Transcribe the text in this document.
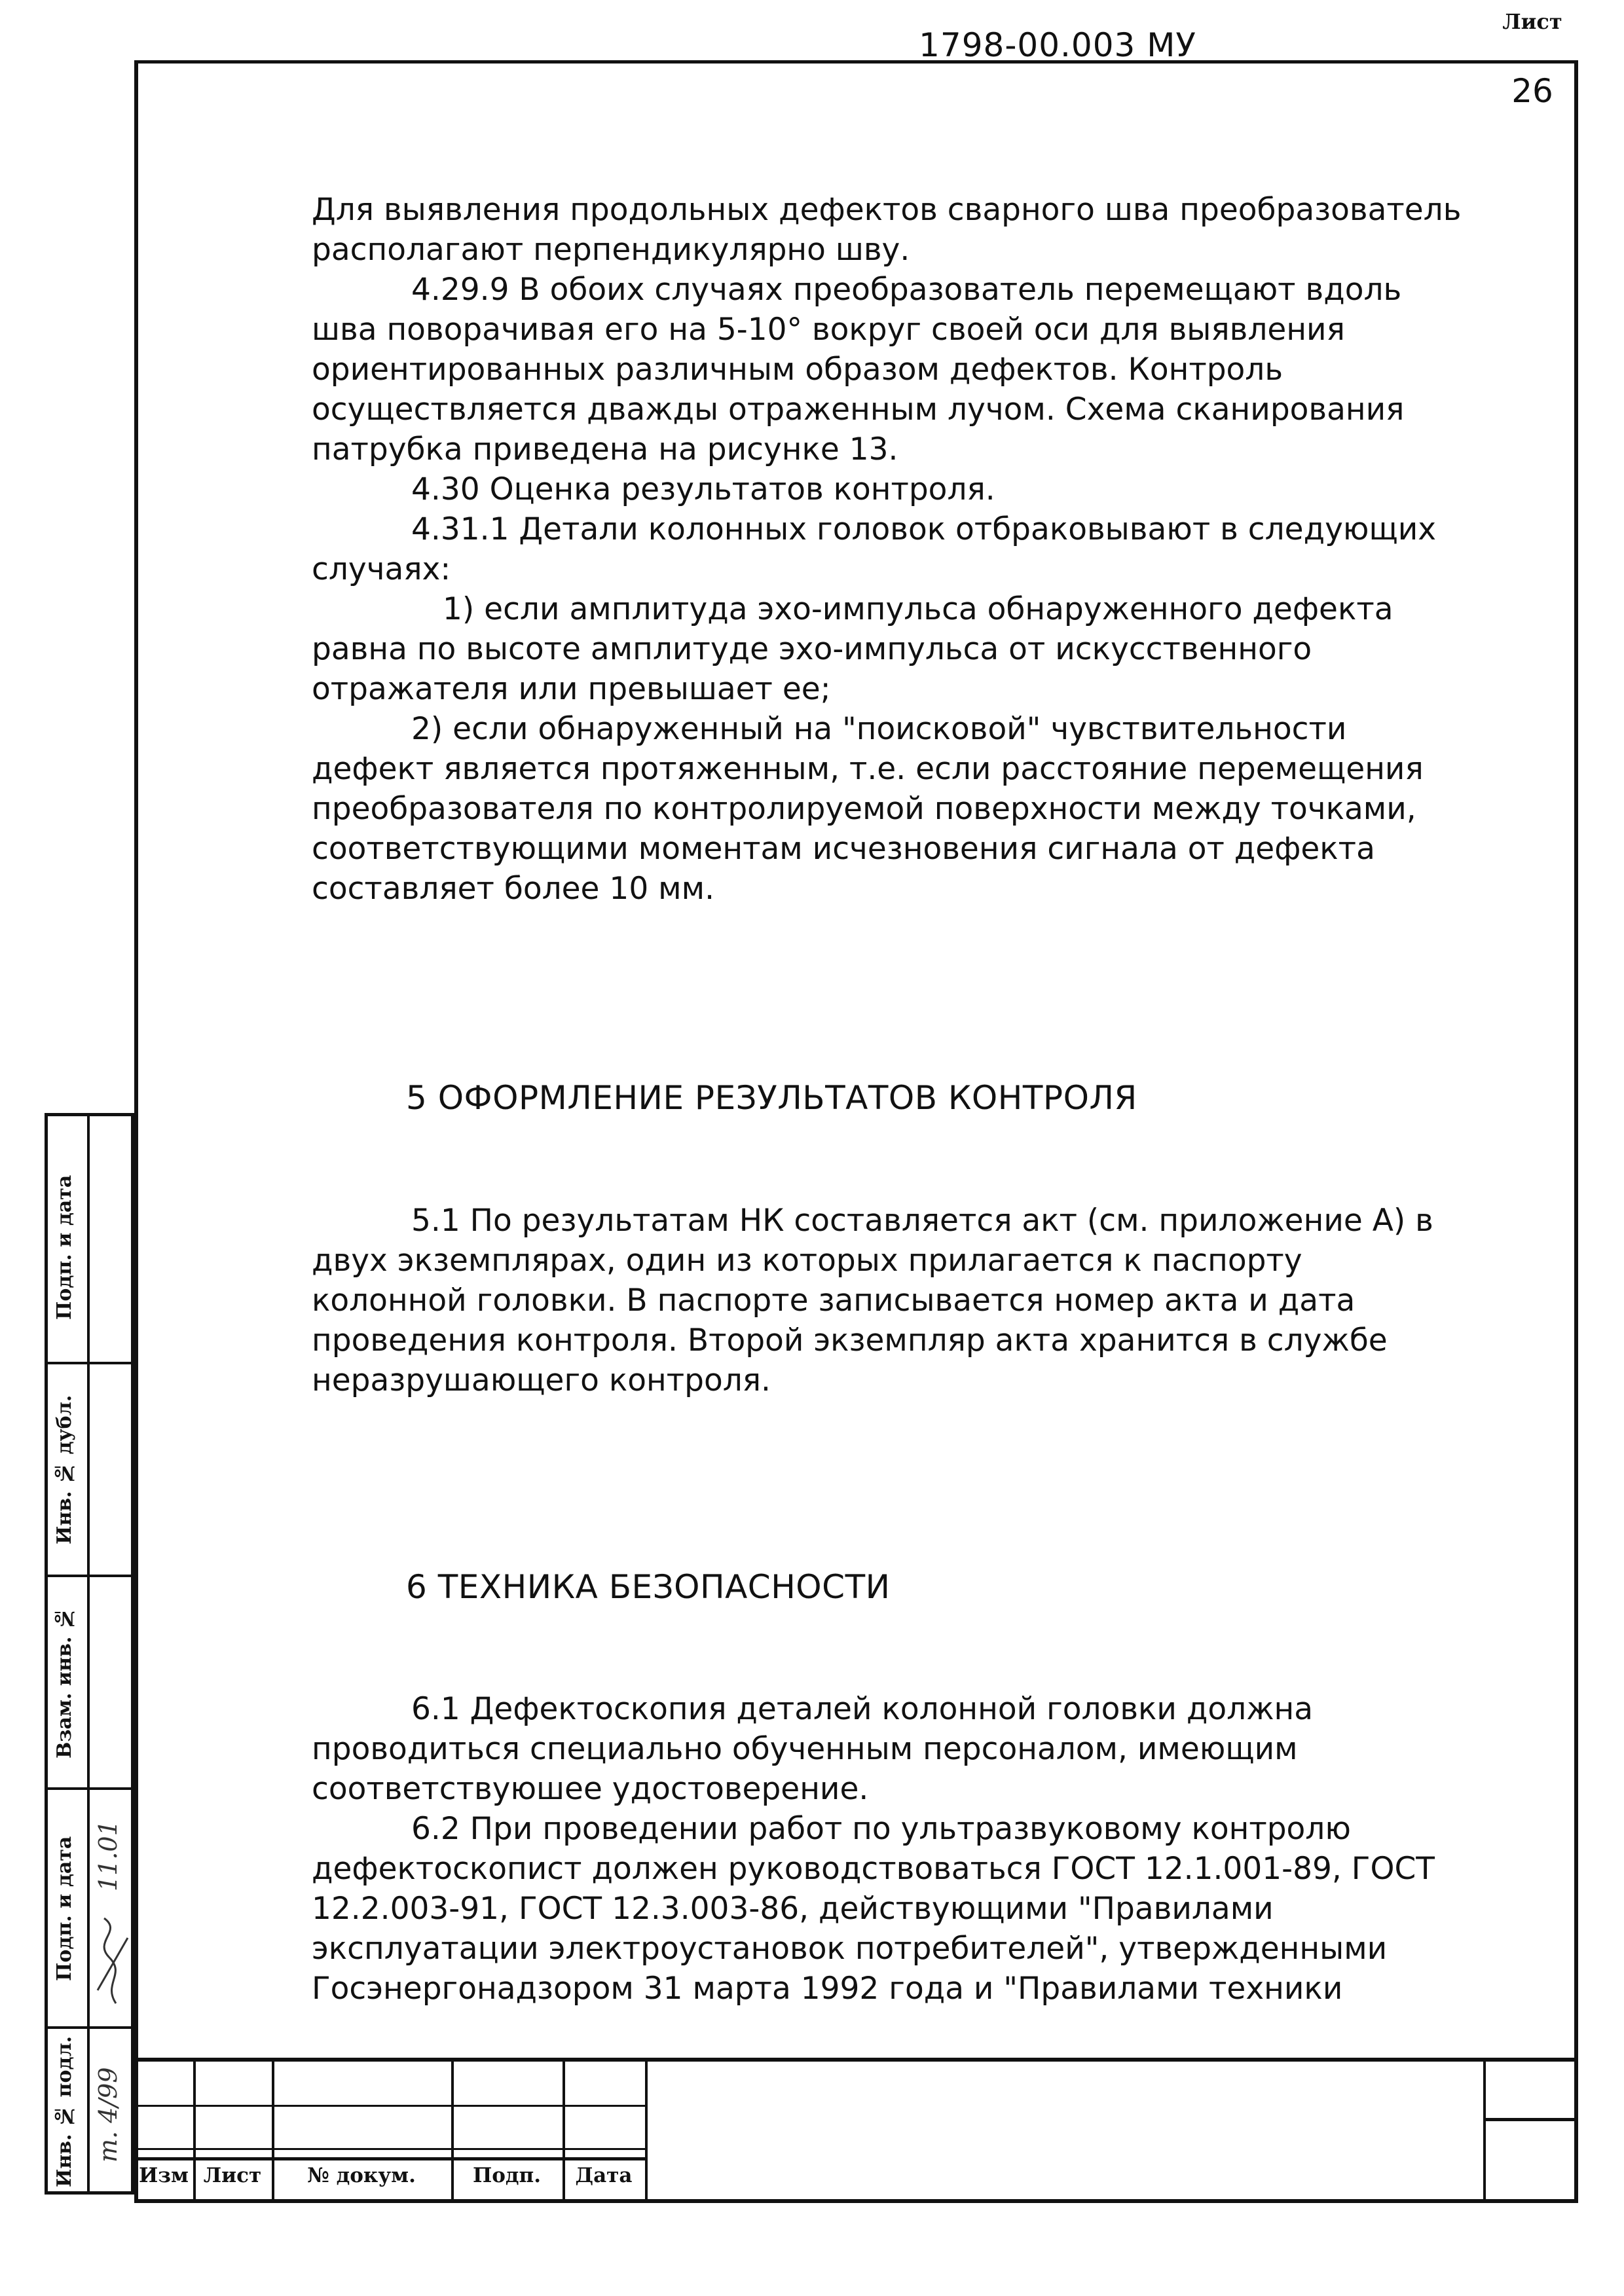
Для выявления продольных дефектов сварного шва преобразователь располагают перпендикулярно шву.

4.29.9 В обоих случаях преобразователь перемещают вдоль шва поворачивая его на 5-10° вокруг своей оси для выявления ориентированных различным образом дефектов. Контроль осуществляется дважды отраженным лучом. Схема сканирования патрубка приведена на рисунке 13.

4.30 Оценка результатов контроля.

4.31.1 Детали колонных головок отбраковывают в следующих случаях:

1) если амплитуда эхо-импульса обнаруженного дефекта равна по высоте амплитуде эхо-импульса от искусственного отражателя или превышает ее;

2) если обнаруженный на "поисковой" чувствительности дефект является протяженным, т.е. если расстояние перемещения преобразователя по контролируемой поверхности между точками, соответствующими моментам исчезновения сигнала от дефекта составляет более 10 мм.

5 ОФОРМЛЕНИЕ РЕЗУЛЬТАТОВ КОНТРОЛЯ

5.1 По результатам НК составляется акт (см. приложение А) в двух экземплярах, один из которых прилагается к паспорту колонной головки. В паспорте записывается номер акта и дата проведения контроля. Второй экземпляр акта хранится в службе неразрушающего контроля.

6 ТЕХНИКА БЕЗОПАСНОСТИ

6.1 Дефектоскопия деталей колонной головки должна проводиться специально обученным персоналом, имеющим соответствуюшее удостоверение.

6.2 При проведении работ по ультразвуковому контролю дефектоскопист должен руководствоваться ГОСТ 12.1.001-89, ГОСТ 12.2.003-91, ГОСТ 12.3.003-86, действующими "Правилами эксплуатации электроустановок потребителей", утвержденными Госэнергонадзором 31 марта 1992 года и "Правилами техники

Подп. и дата
Инв. № дубл.
Взам. инв. №
Подп. и дата
Инв. № подл.
11.01
т. 4/99
Изм Лист	№ докум.	Подп.	Дата
1798-00.003 МУ
Лист
26
